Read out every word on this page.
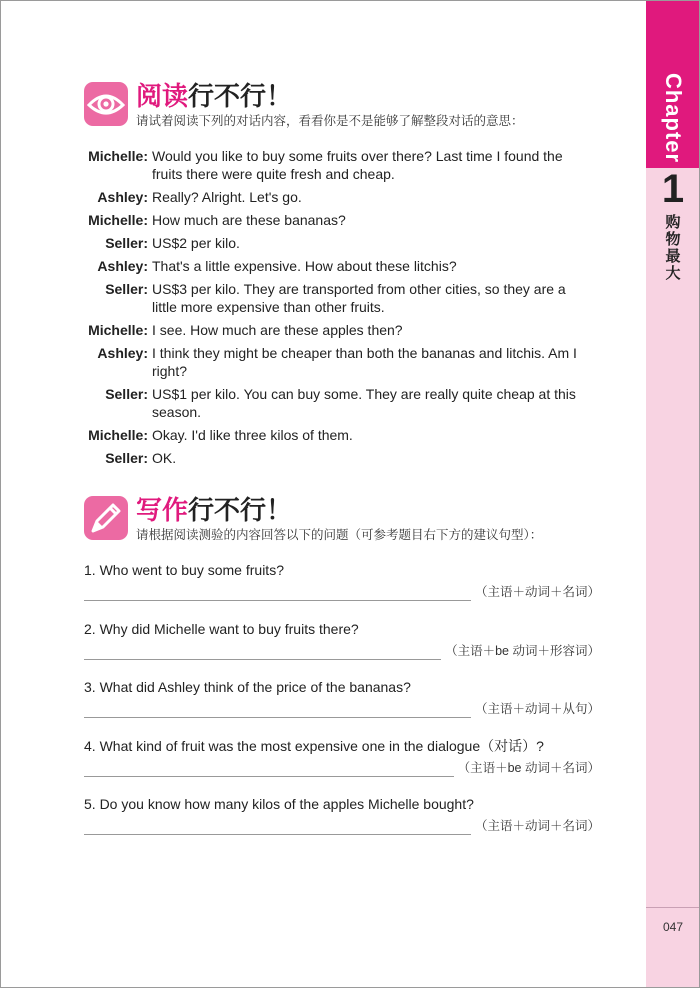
Chapter
1
购
物
最
大
047
阅读行不行！
请试着阅读下列的对话内容，看看你是不是能够了解整段对话的意思：
Michelle: Would you like to buy some fruits over there? Last time I found the fruits there were quite fresh and cheap.
Ashley: Really? Alright. Let's go.
Michelle: How much are these bananas?
Seller: US$2 per kilo.
Ashley: That's a little expensive. How about these litchis?
Seller: US$3 per kilo. They are transported from other cities, so they are a little more expensive than other fruits.
Michelle: I see. How much are these apples then?
Ashley: I think they might be cheaper than both the bananas and litchis. Am I right?
Seller: US$1 per kilo. You can buy some. They are really quite cheap at this season.
Michelle: Okay. I'd like three kilos of them.
Seller: OK.
写作行不行！
请根据阅读测验的内容回答以下的问题（可参考题目右下方的建议句型）：
1. Who went to buy some fruits?
（主语＋动词＋名词）
2. Why did Michelle want to buy fruits there?
（主语＋be 动词＋形容词）
3. What did Ashley think of the price of the bananas?
（主语＋动词＋从句）
4. What kind of fruit was the most expensive one in the dialogue（对话）?
（主语＋be 动词＋名词）
5. Do you know how many kilos of the apples Michelle bought?
（主语＋动词＋名词）
